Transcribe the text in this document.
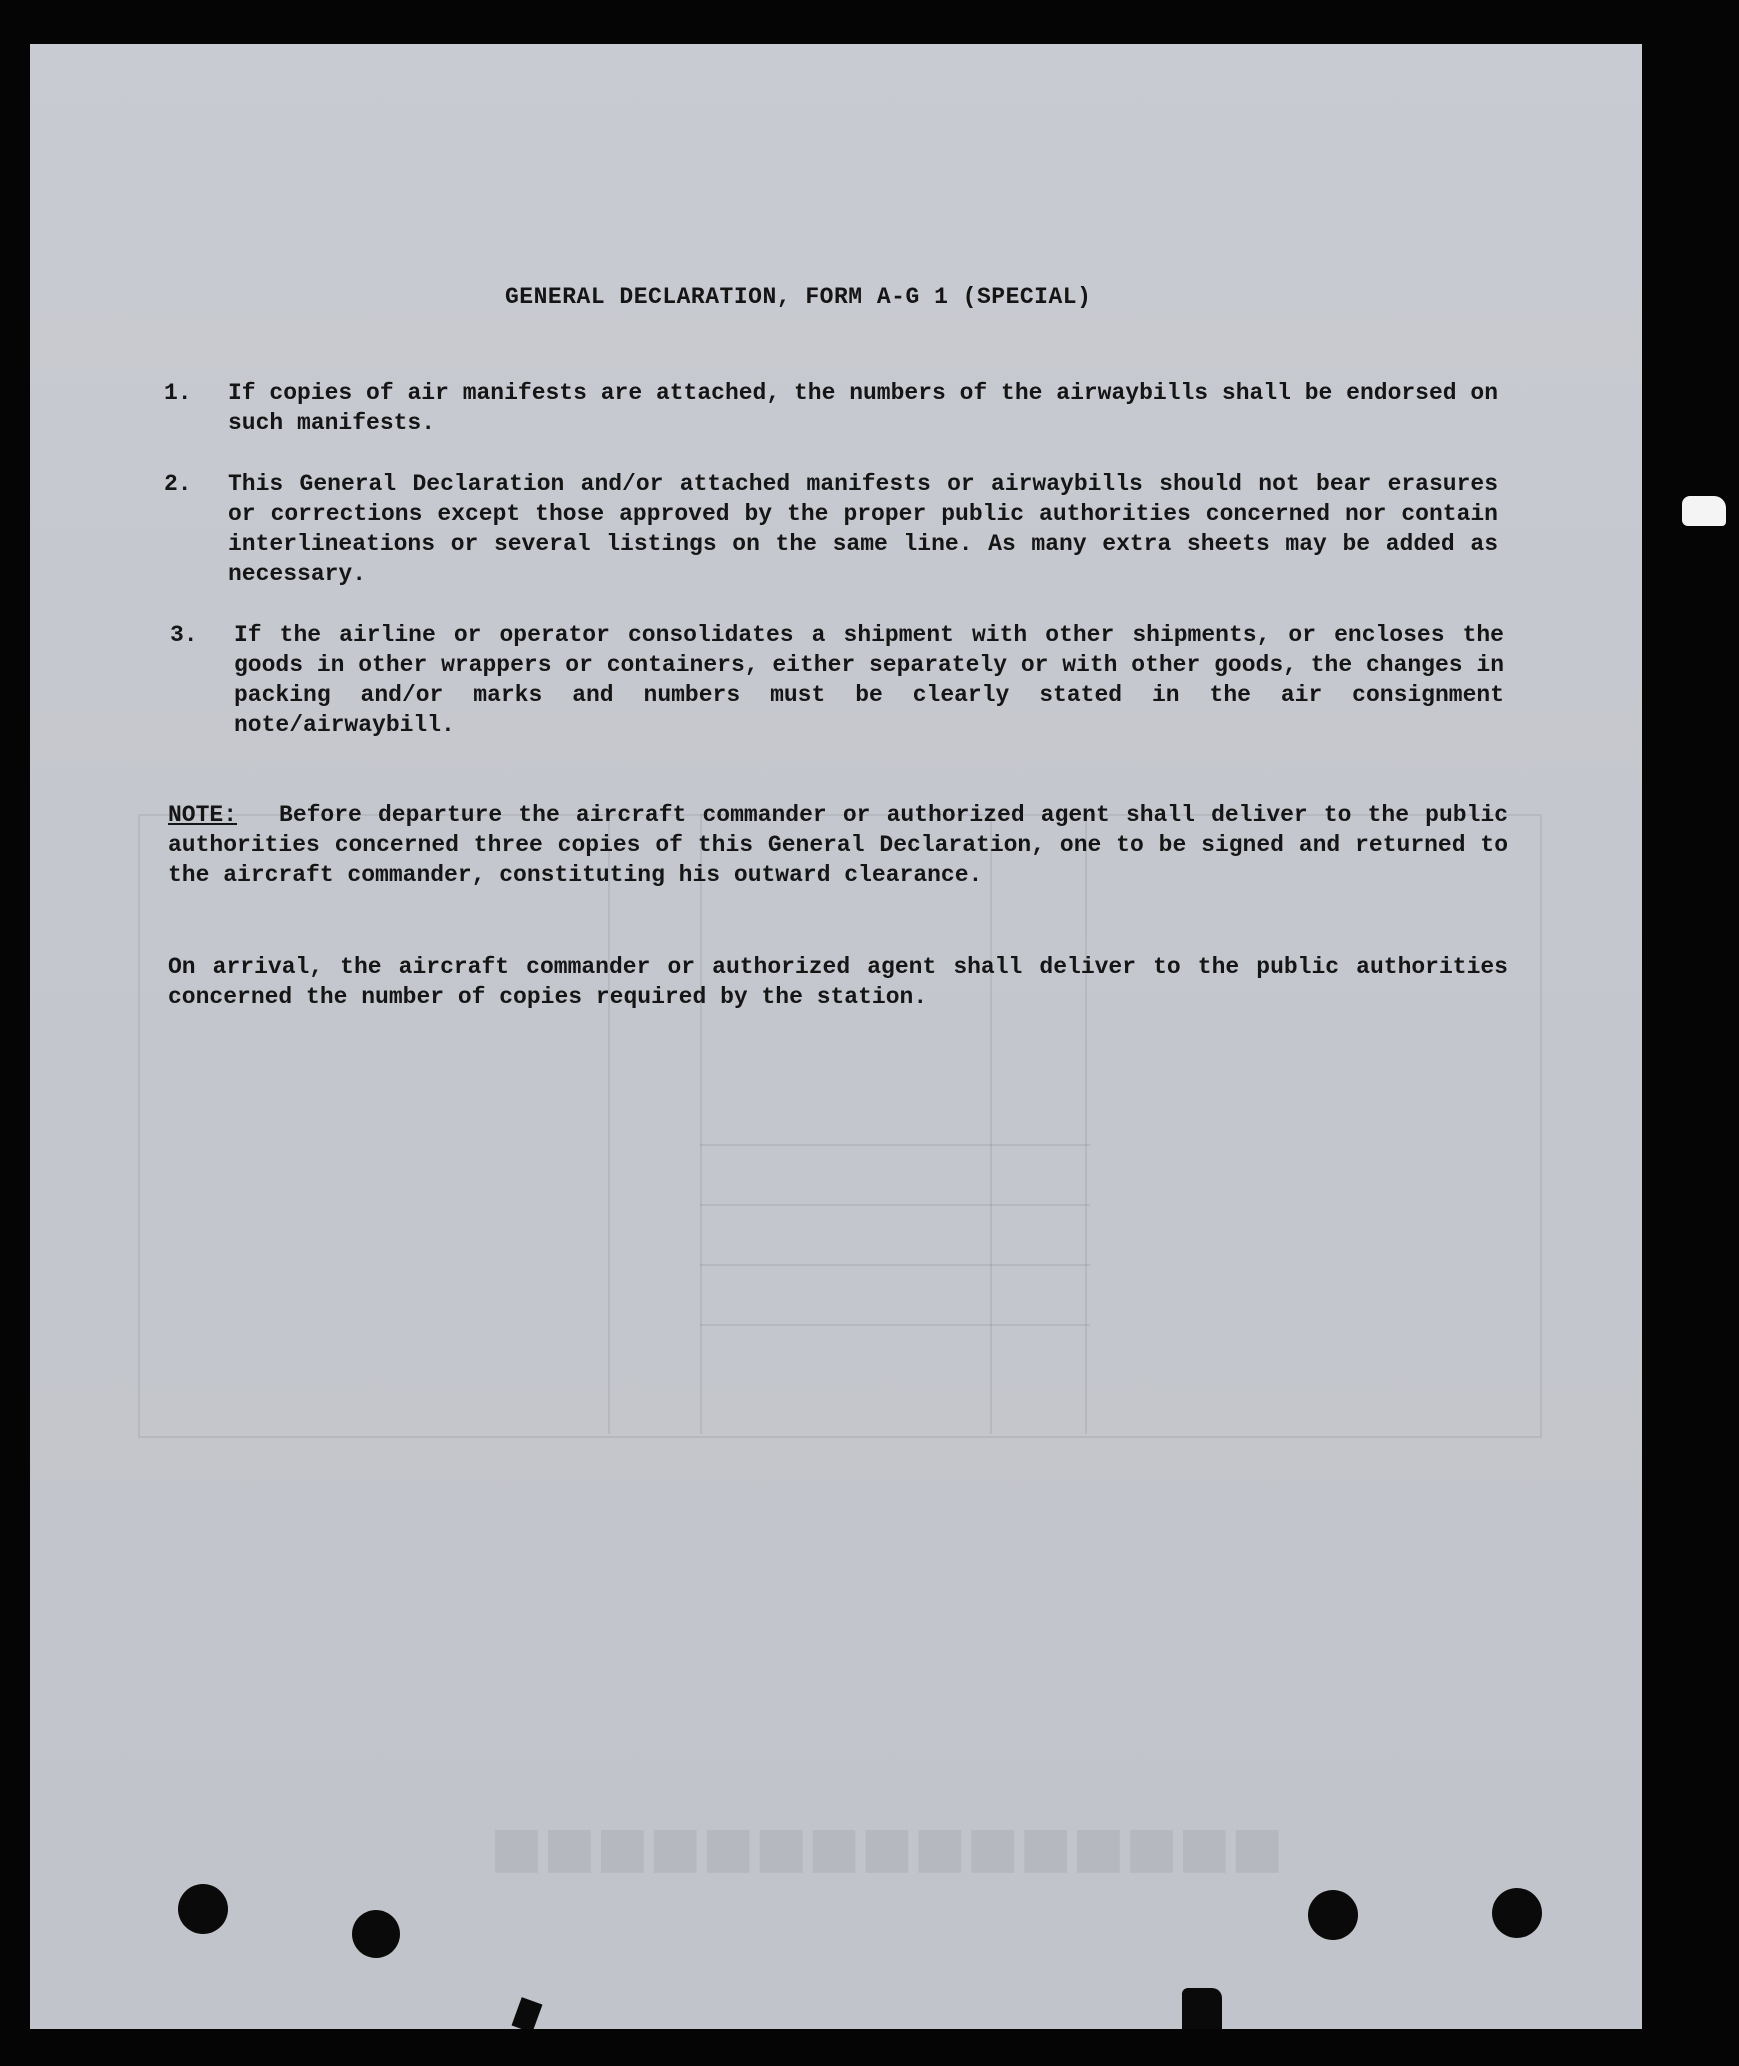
■■■■■■■■■■■■■■■
GENERAL DECLARATION, FORM A-G 1 (SPECIAL)
1. If copies of air manifests are attached, the numbers of the airwaybills shall be endorsed on such manifests.
2. This General Declaration and/or attached manifests or airwaybills should not bear erasures or corrections except those approved by the proper public authorities concerned nor contain interlineations or several listings on the same line. As many extra sheets may be added as necessary.
3. If the airline or operator consolidates a shipment with other shipments, or encloses the goods in other wrappers or containers, either separately or with other goods, the changes in packing and/or marks and numbers must be clearly stated in the air consignment note/airwaybill.
NOTE: Before departure the aircraft commander or authorized agent shall deliver to the public authorities concerned three copies of this General Declaration, one to be signed and returned to the aircraft commander, constituting his outward clearance.
On arrival, the aircraft commander or authorized agent shall deliver to the public authorities concerned the number of copies required by the station.
